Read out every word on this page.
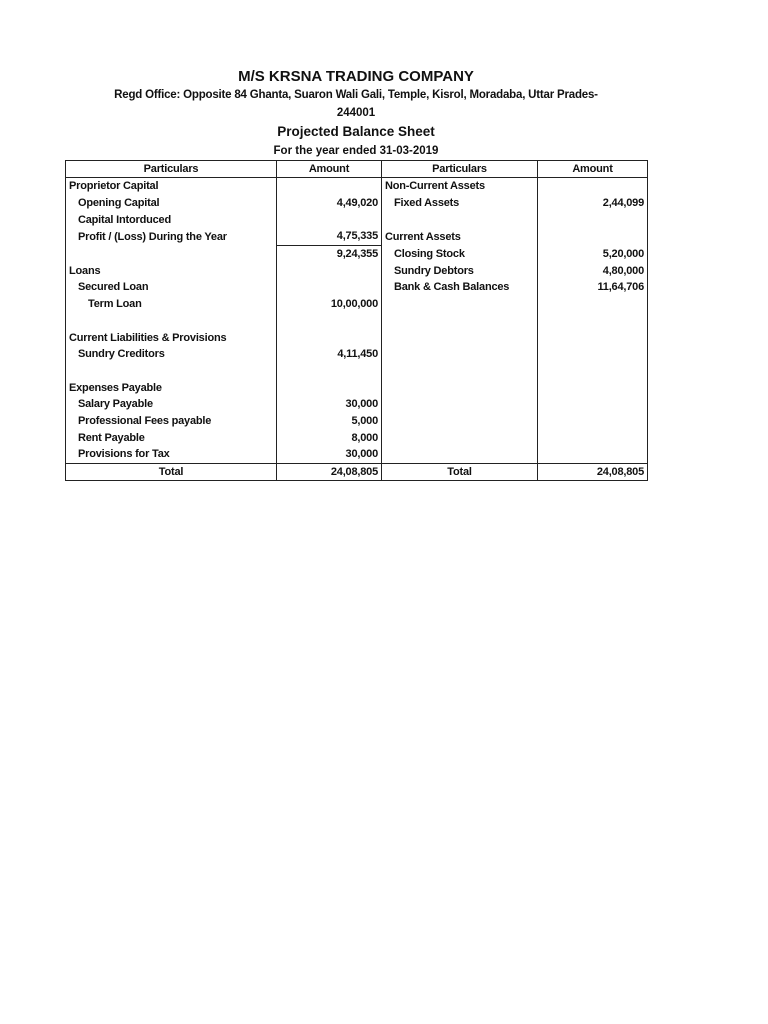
M/S KRSNA TRADING COMPANY
Regd Office: Opposite 84 Ghanta, Suaron Wali Gali, Temple, Kisrol, Moradaba, Uttar Prades-
244001
Projected Balance Sheet
For the year ended 31-03-2019
Particulars	Amount	Particulars	Amount
Proprietor Capital		Non-Current Assets	
Opening Capital	4,49,020	Fixed Assets	2,44,099
Capital Intorduced			
Profit / (Loss) During the Year	4,75,335	Current Assets	
	9,24,355	Closing Stock	5,20,000
Loans		Sundry Debtors	4,80,000
Secured Loan		Bank & Cash Balances	11,64,706
Term Loan	10,00,000		

Current Liabilities & Provisions			
Sundry Creditors	4,11,450		

Expenses Payable			
Salary Payable	30,000		
Professional Fees payable	5,000		
Rent Payable	8,000		
Provisions for Tax	30,000		
Total	24,08,805	Total	24,08,805
